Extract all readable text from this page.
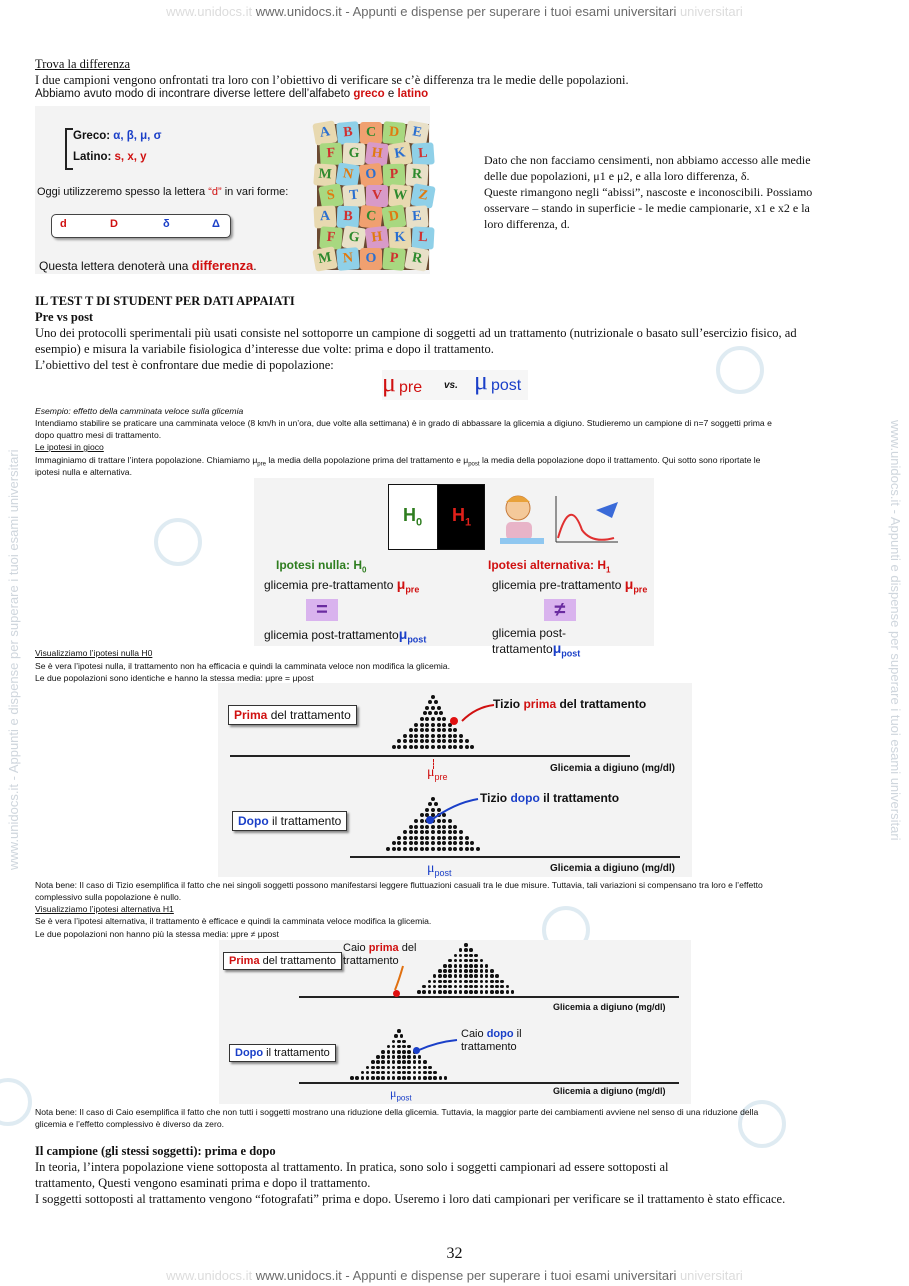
www.unidocs.it www.unidocs.it - Appunti e dispense per superare i tuoi esami universitari universitari
www.unidocs.it - Appunti e dispense per superare i tuoi esami universitari	www.unidocs.it - Appunti e dispense per superare i tuoi esami universitari
Trova la differenza
I due campioni vengono onfrontati tra loro con l’obiettivo di verificare se c’è differenza tra le medie delle popolazioni.
Abbiamo avuto modo di incontrare diverse lettere dell’alfabeto greco e latino
Greco: α, β, μ, σ
Latino: s, x, y
Oggi utilizzeremo spesso la lettera “d” in vari forme:
d	D	δ	Δ
Questa lettera denoterà una differenza.
A B C D E
F G H K L
M N O P R
S T V W Z
A B C D E
F G H K L
M N O P R
Dato che non facciamo censimenti, non abbiamo accesso alle medie
delle due popolazioni, μ1 e μ2, e alla loro differenza, δ.
Queste rimangono negli “abissi”, nascoste e inconoscibili. Possiamo
osservare – stando in superficie - le medie campionarie, x1 e x2 e la
loro differenza, d.
IL TEST T DI STUDENT PER DATI APPAIATI
Pre vs post
Uno dei protocolli sperimentali più usati consiste nel sottoporre un campione di soggetti ad un trattamento (nutrizionale o basato sull’esercizio fisico, ad
esempio) e misura la variabile fisiologica d’interesse due volte: prima e dopo il trattamento.
L’obiettivo del test è confrontare due medie di popolazione:
μ pre vs. μ post
Esempio: effetto della camminata veloce sulla glicemia
Intendiamo stabilire se praticare una camminata veloce (8 km/h in un’ora, due volte alla settimana) è in grado di abbassare la glicemia a digiuno. Studieremo un campione di n=7 soggetti prima e
dopo quattro mesi di trattamento.
Le ipotesi in gioco
Immaginiamo di trattare l’intera popolazione. Chiamiamo $\mu_{pre}$ la media della popolazione prima del trattamento e $\mu_{post}$ la media della popolazione dopo il trattamento. Qui sotto sono riportate le
ipotesi nulla e alternativa.
$H_0$ $H_1$
Ipotesi nulla: $H_0$	Ipotesi alternativa: $H_1$
glicemia pre-trattamento $\mu_{pre}$	glicemia pre-trattamento $\mu_{pre}$
=	≠
glicemia post-trattamentoμ$_{post}$	glicemia post-trattamentoμ$_{post}$
Visualizziamo l’ipotesi nulla H0
Se è vera l’ipotesi nulla, il trattamento non ha efficacia e quindi la camminata veloce non modifica la glicemia.
Le due popolazioni sono identiche e hanno la stessa media: μpre = μpost
Prima del trattamento
Tizio prima del trattamento
$\mu_{pre}$
Glicemia a digiuno (mg/dl)
Dopo il trattamento
Tizio dopo il trattamento
$\mu_{post}$	Glicemia a digiuno (mg/dl)
Nota bene: Il caso di Tizio esemplifica il fatto che nei singoli soggetti possono manifestarsi leggere fluttuazioni casuali tra le due misure. Tuttavia, tali variazioni si compensano tra loro e l’effetto
complessivo sulla popolazione è nullo.
Visualizziamo l’ipotesi alternativa H1
Se è vera l’ipotesi alternativa, il trattamento è efficace e quindi la camminata veloce modifica la glicemia.
Le due popolazioni non hanno più la stessa media: μpre ≠ μpost
Prima del trattamento
Caio prima del
trattamento
Glicemia a digiuno (mg/dl)
Dopo il trattamento
Caio dopo il
trattamento
$\mu_{post}$
Glicemia a digiuno (mg/dl)
Nota bene: Il caso di Caio esemplifica il fatto che non tutti i soggetti mostrano una riduzione della glicemia. Tuttavia, la maggior parte dei cambiamenti avviene nel senso di una riduzione della
glicemia e l’effetto complessivo è diverso da zero.
Il campione (gli stessi soggetti): prima e dopo
In teoria, l’intera popolazione viene sottoposta al trattamento. In pratica, sono solo i soggetti campionari ad essere sottoposti al
trattamento, Questi vengono esaminati prima e dopo il trattamento.
I soggetti sottoposti al trattamento vengono “fotografati” prima e dopo. Useremo i loro dati campionari per verificare se il trattamento è stato efficace.
32
www.unidocs.it www.unidocs.it - Appunti e dispense per superare i tuoi esami universitari universitari
